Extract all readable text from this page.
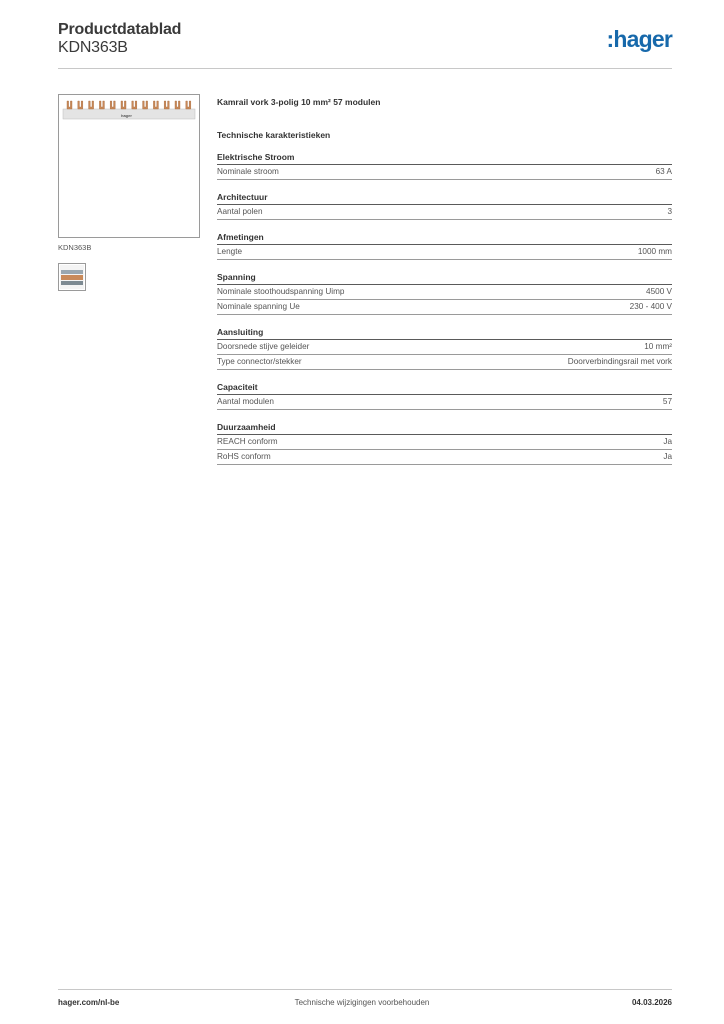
Productdatablad
KDN363B	:hager
hager
KDN363B
Kamrail vork 3-polig 10 mm² 57 modulen
Technische karakteristieken
Elektrische Stroom
Nominale stroom	63 A
Architectuur
Aantal polen	3
Afmetingen
Lengte	1000 mm
Spanning
Nominale stoothoudspanning Uimp	4500 V
Nominale spanning Ue	230 - 400 V
Aansluiting
Doorsnede stijve geleider	10 mm²
Type connector/stekker	Doorverbindingsrail met vork
Capaciteit
Aantal modulen	57
Duurzaamheid
REACH conform	Ja
RoHS conform	Ja
hager.com/nl-be	Technische wijzigingen voorbehouden	04.03.2026
